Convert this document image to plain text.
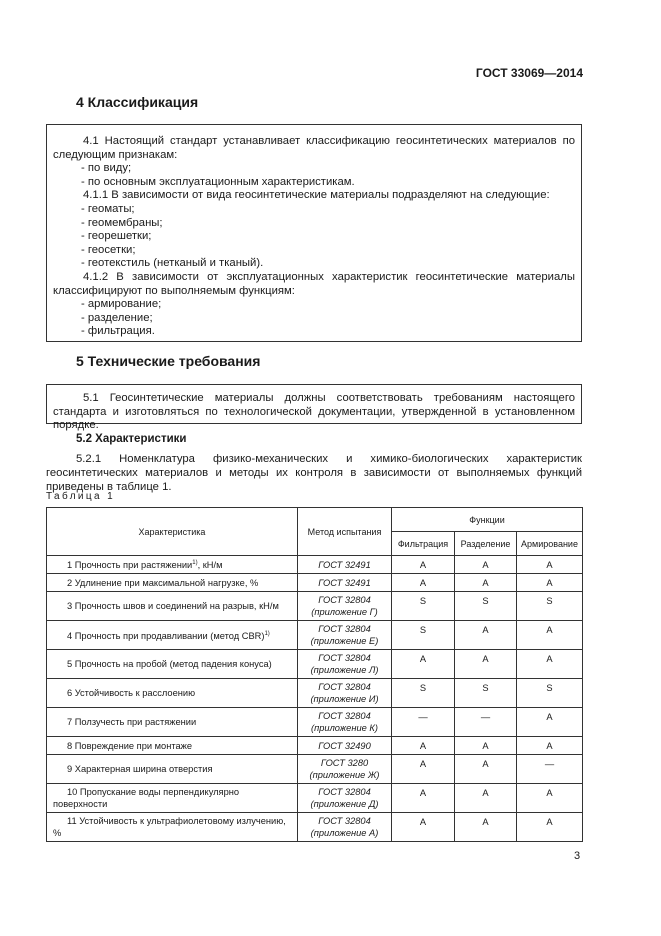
ГОСТ 33069—2014
4 Классификация

4.1 Настоящий стандарт устанавливает классификацию геосинтетических материалов по следующим признакам:

- по виду;

- по основным эксплуатационным характеристикам.

4.1.1 В зависимости от вида геосинтетические материалы подразделяют на следующие:

- геоматы;

- геомембраны;

- георешетки;

- геосетки;

- геотекстиль (нетканый и тканый).

4.1.2 В зависимости от эксплуатационных характеристик геосинтетические материалы классифицируют по выполняемым функциям:

- армирование;

- разделение;

- фильтрация.

5 Технические требования

5.1 Геосинтетические материалы должны соответствовать требованиям настоящего стандарта и изготовляться по технологической документации, утвержденной в установленном порядке.

5.2 Характеристики

5.2.1 Номенклатура физико-механических и химико-биологических характеристик геосинтетических материалов и методы их контроля в зависимости от выполняемых функций приведены в таблице 1.

Таблица 1
Характеристика	Метод испытания	Функции		
		Фильтрация	Разделение	Армирование
1 Прочность при растяжении$^{1)}$, кН/м	ГОСТ 32491	A	A	A
2 Удлинение при максимальной нагрузке, %	ГОСТ 32491	A	A	A
3 Прочность швов и соединений на разрыв, кН/м	ГОСТ 32804
(приложение Г)	S	S	S
4 Прочность при продавливании (метод CBR)$^{1)}$	ГОСТ 32804
(приложение Е)	S	A	A
5 Прочность на пробой (метод падения конуса)	ГОСТ 32804
(приложение Л)	A	A	A
6 Устойчивость к расслоению	ГОСТ 32804
(приложение И)	S	S	S
7 Ползучесть при растяжении	ГОСТ 32804
(приложение К)	—	—	A
8 Повреждение при монтаже	ГОСТ 32490	A	A	A
9 Характерная ширина отверстия	ГОСТ 3280
(приложение Ж)	A	A	—
10 Пропускание воды перпендикулярно поверхности	ГОСТ 32804
(приложение Д)	A	A	A
11 Устойчивость к ультрафиолетовому излучению, %	ГОСТ 32804
(приложение А)	A	A	A
3
